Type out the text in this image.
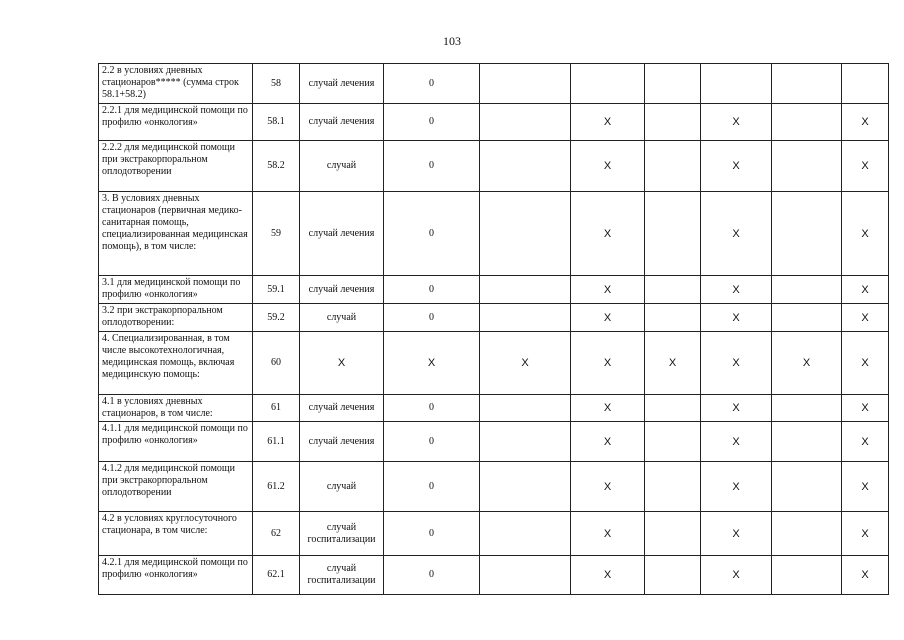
103
2.2 в условиях дневных стационаров***** (сумма строк 58.1+58.2)	58	случай лечения	0						
2.2.1 для медицинской помощи по профилю «онкология»	58.1	случай лечения	0		X		X		X
2.2.2 для медицинской помощи при экстракорпоральном оплодотворении	58.2	случай	0		X		X		X
3. В условиях дневных стационаров (первичная медико-санитарная помощь, специализированная медицинская помощь), в том числе:	59	случай лечения	0		X		X		X
3.1 для медицинской помощи по профилю «онкология»	59.1	случай лечения	0		X		X		X
3.2 при экстракорпоральном оплодотворении:	59.2	случай	0		X		X		X
4. Специализированная, в том числе высокотехнологичная, медицинская помощь, включая медицинскую помощь:	60	X	X	X	X	X	X	X	X
4.1 в условиях дневных стационаров, в том числе:	61	случай лечения	0		X		X		X
4.1.1 для медицинской помощи по профилю «онкология»	61.1	случай лечения	0		X		X		X
4.1.2 для медицинской помощи при экстракорпоральном оплодотворении	61.2	случай	0		X		X		X
4.2 в условиях круглосуточного стационара, в том числе:	62	случай госпитализации	0		X		X		X
4.2.1 для медицинской помощи по профилю «онкология»	62.1	случай госпитализации	0		X		X		X
